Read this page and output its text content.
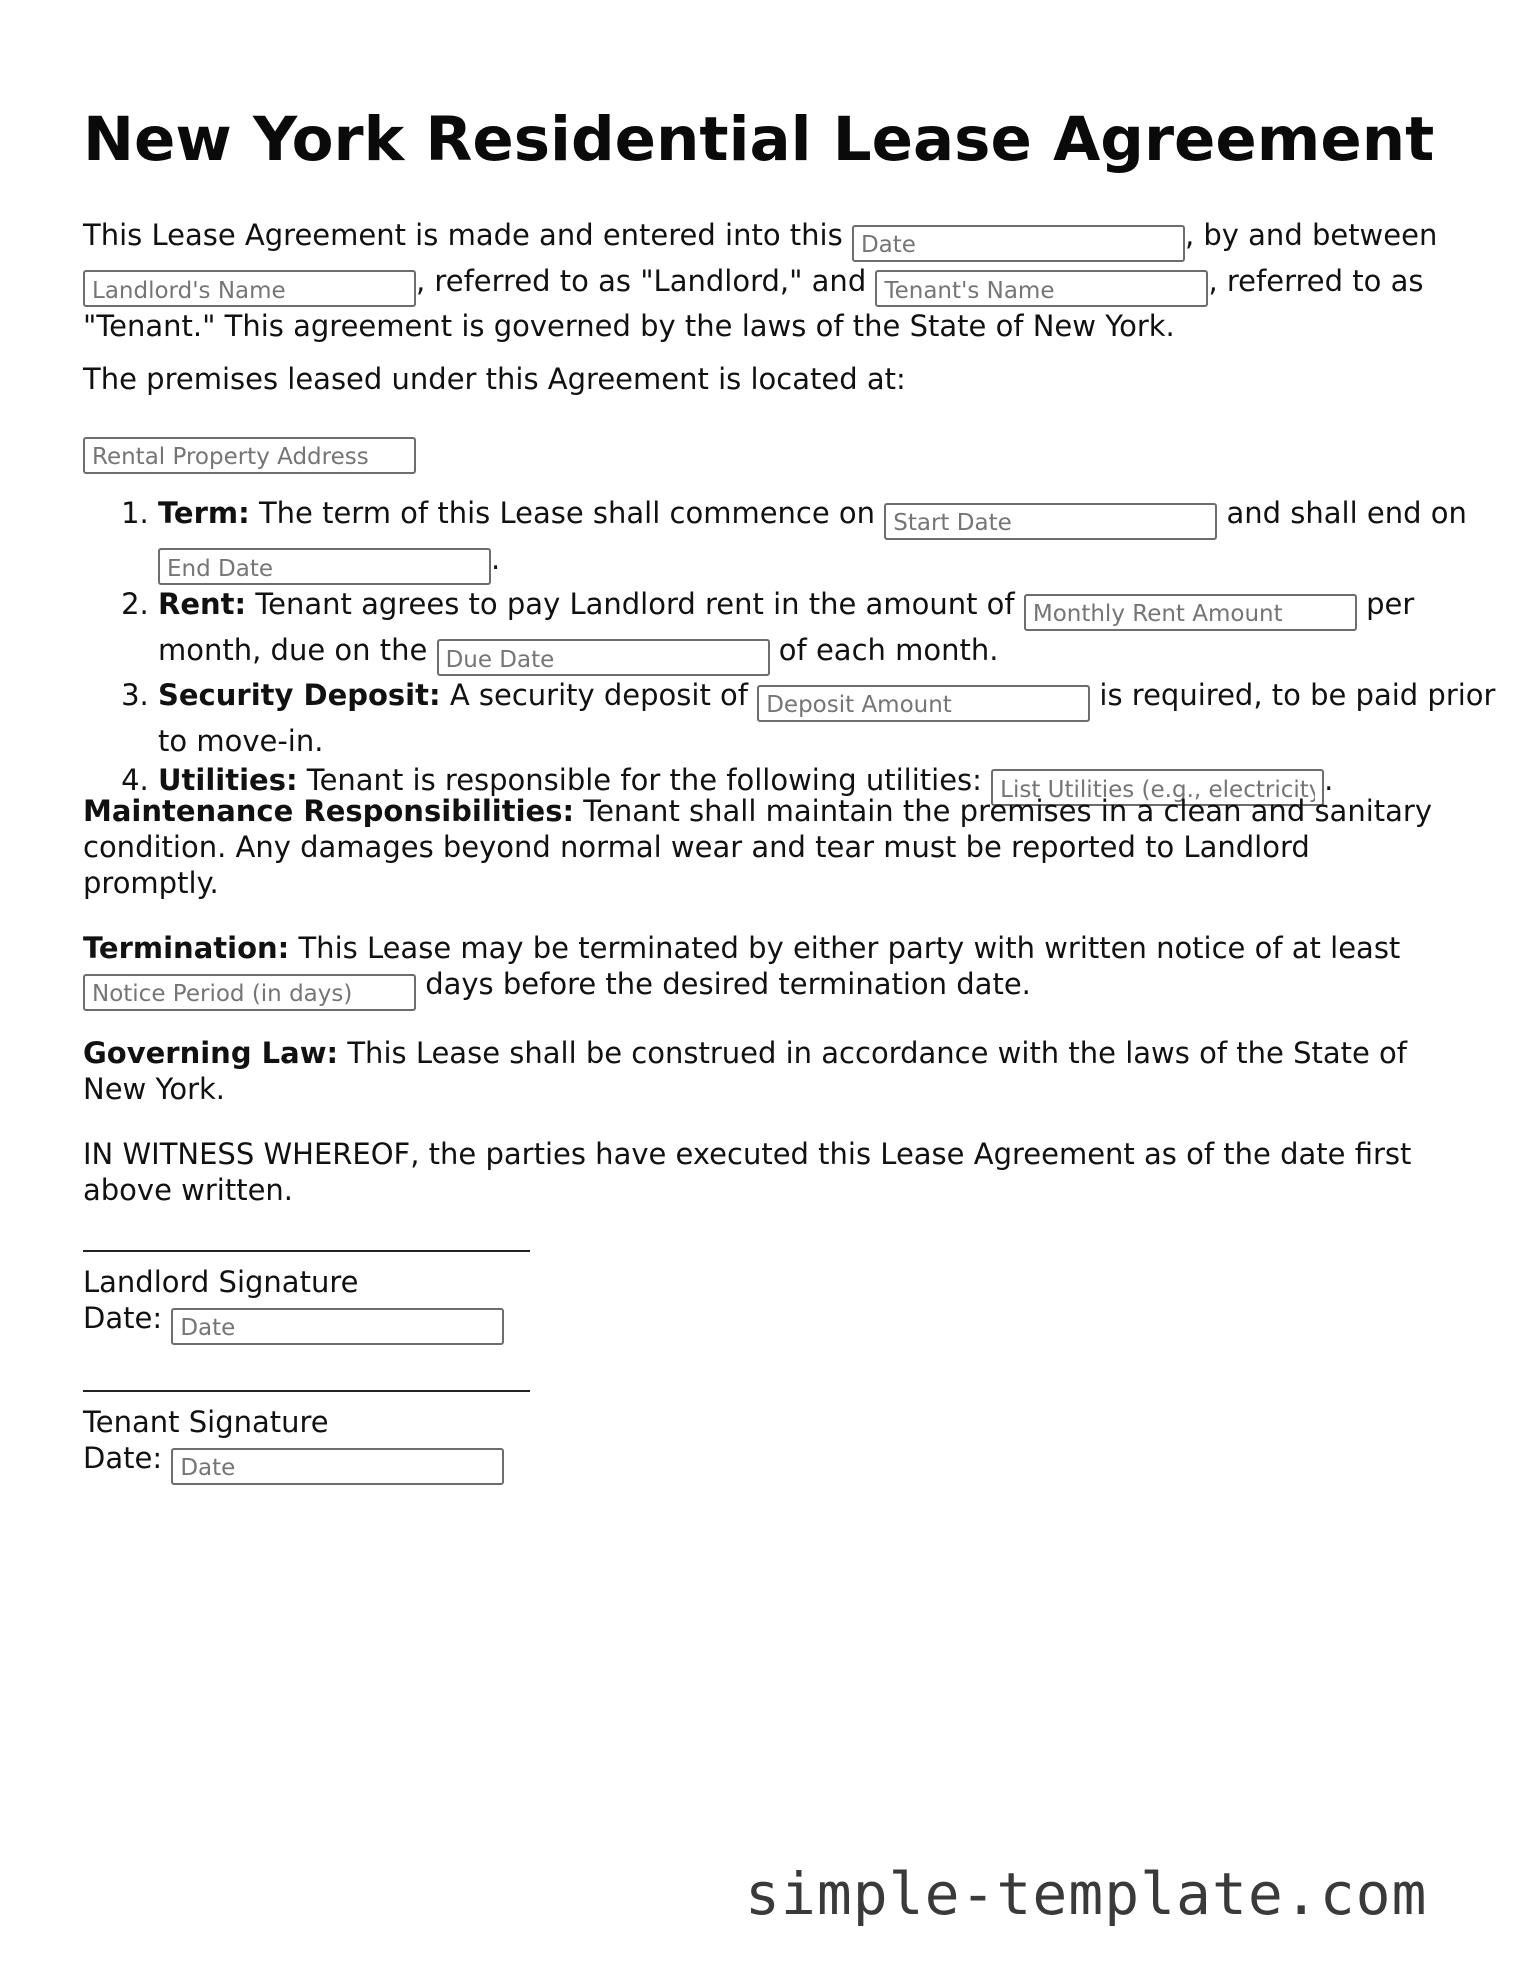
New York Residential Lease Agreement
This Lease Agreement is made and entered into this Date	, by and between Landlord's Name, referred to as "Landlord," and Tenant's Name	, referred to as "Tenant." This agreement is governed by the laws of the State of New York.
The premises leased under this Agreement is located at:
Rental Property Address
1. Term: The term of this Lease shall commence on Start Date	and shall end on End Date.
2. Rent: Tenant agrees to pay Landlord rent in the amount of Monthly Rent Amount	per month, due on the Due Date	of each month.
3. Security Deposit: A security deposit of Deposit Amount	is required, to be paid prior to move-in.
4. Utilities: Tenant is responsible for the following utilities: List Utilities (e.g., electricity, water)	.
Maintenance Responsibilities: Tenant shall maintain the premises in a clean and sanitary condition. Any damages beyond normal wear and tear must be reported to Landlord promptly.
Termination: This Lease may be terminated by either party with written notice of at least Notice Period (in days) days before the desired termination date.
Governing Law: This Lease shall be construed in accordance with the laws of the State of New York.
IN WITNESS WHEREOF, the parties have executed this Lease Agreement as of the date first above written.
Landlord Signature
Date: Date
Tenant Signature
Date: Date
simple-template.com
